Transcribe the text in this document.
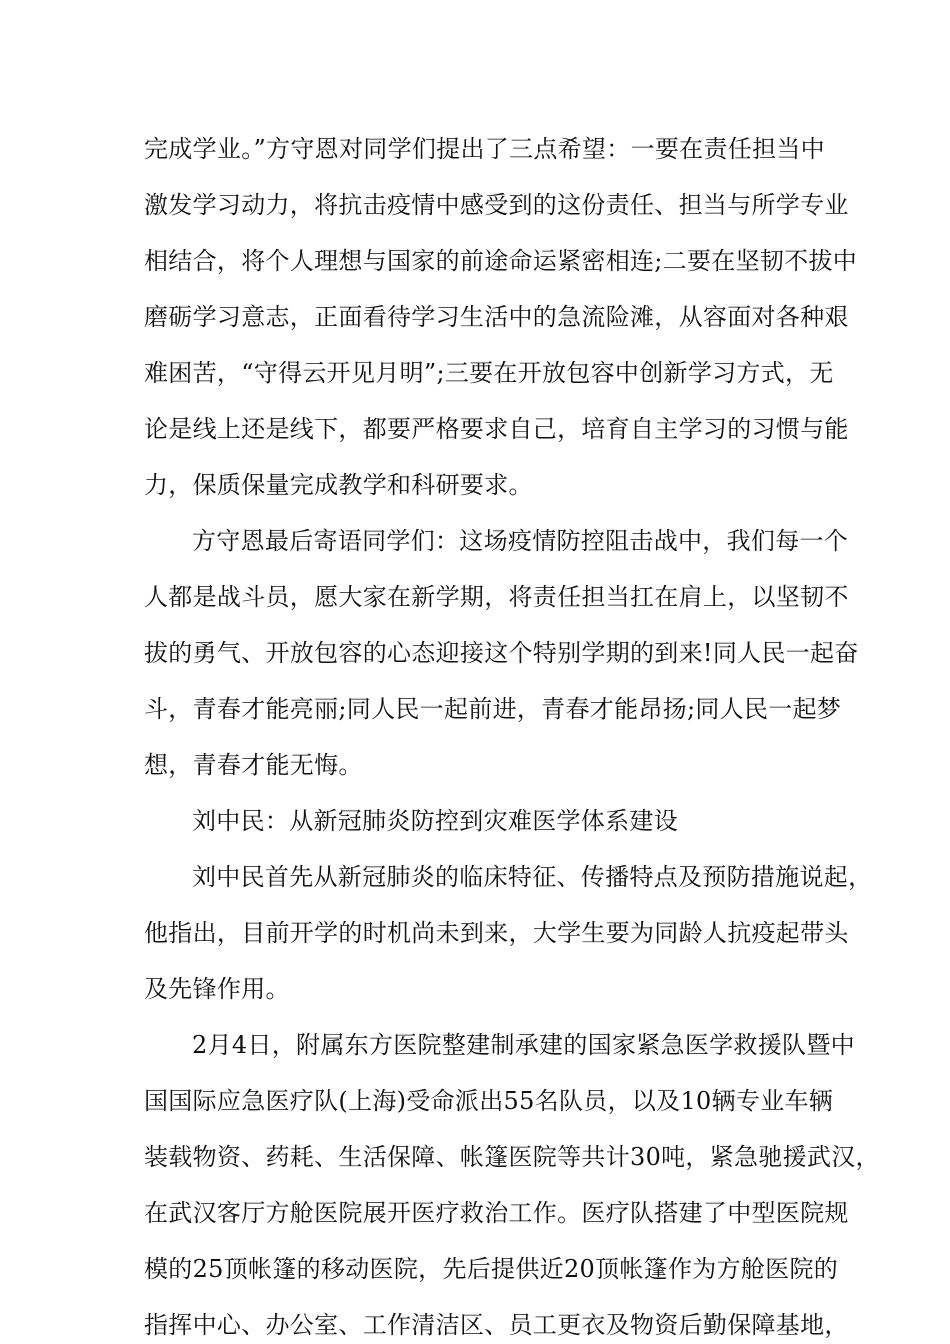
完成学业。”方守恩对同学们提出了三点希望：一要在责任担当中

激发学习动力，将抗击疫情中感受到的这份责任、担当与所学专业

相结合，将个人理想与国家的前途命运紧密相连;二要在坚韧不拔中

磨砺学习意志，正面看待学习生活中的急流险滩，从容面对各种艰

难困苦，“守得云开见月明”;三要在开放包容中创新学习方式，无

论是线上还是线下，都要严格要求自己，培育自主学习的习惯与能

力，保质保量完成教学和科研要求。

方守恩最后寄语同学们：这场疫情防控阻击战中，我们每一个

人都是战斗员，愿大家在新学期，将责任担当扛在肩上，以坚韧不

拔的勇气、开放包容的心态迎接这个特别学期的到来!同人民一起奋

斗，青春才能亮丽;同人民一起前进，青春才能昂扬;同人民一起梦

想，青春才能无悔。

刘中民：从新冠肺炎防控到灾难医学体系建设

刘中民首先从新冠肺炎的临床特征、传播特点及预防措施说起，

他指出，目前开学的时机尚未到来，大学生要为同龄人抗疫起带头

及先锋作用。

2月4日，附属东方医院整建制承建的国家紧急医学救援队暨中

国国际应急医疗队(上海)受命派出55名队员，以及10辆专业车辆

装载物资、药耗、生活保障、帐篷医院等共计30吨，紧急驰援武汉，

在武汉客厅方舱医院展开医疗救治工作。医疗队搭建了中型医院规

模的25顶帐篷的移动医院，先后提供近20顶帐篷作为方舱医院的

指挥中心、办公室、工作清洁区、员工更衣及物资后勤保障基地，
